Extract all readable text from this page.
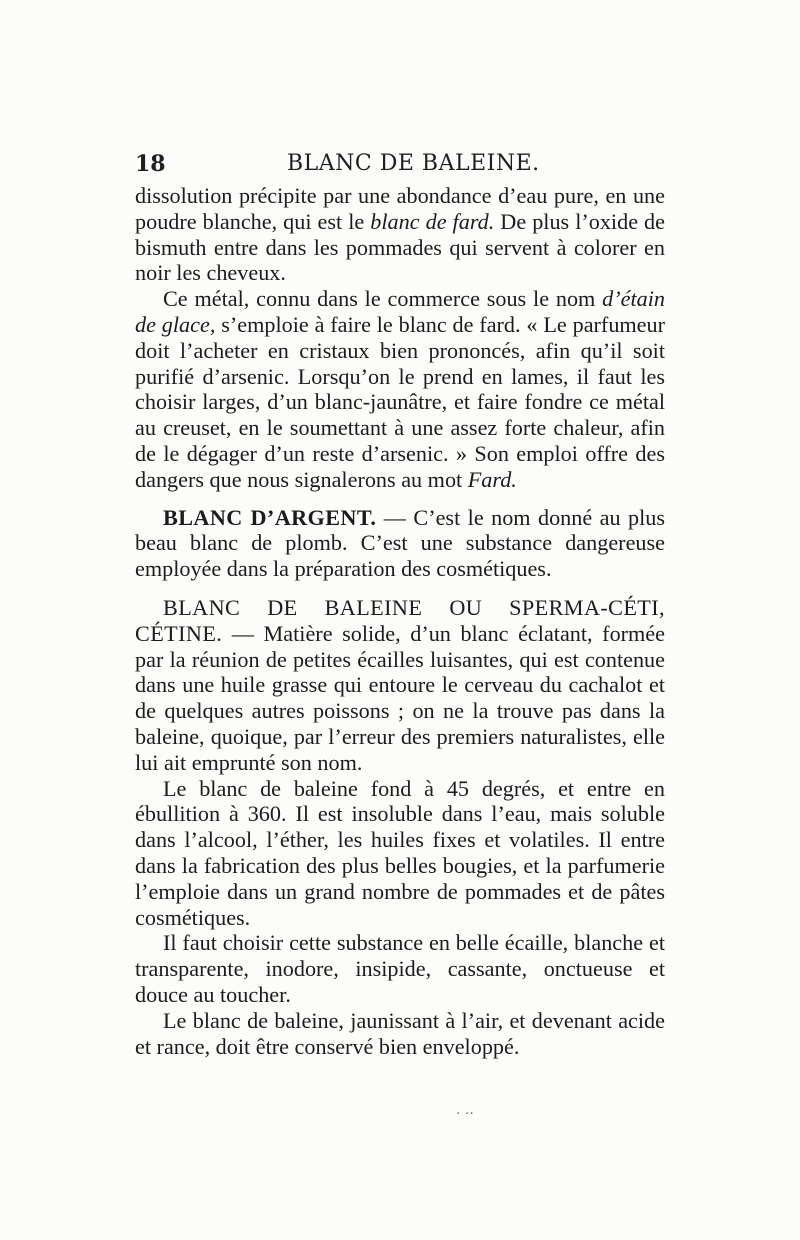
18	BLANC DE BALEINE.

dissolution précipite par une abondance d’eau pure, en une poudre blanche, qui est le blanc de fard. De plus l’oxide de bismuth entre dans les pommades qui servent à colorer en noir les cheveux.

Ce métal, connu dans le commerce sous le nom d’étain de glace, s’emploie à faire le blanc de fard. « Le parfumeur doit l’acheter en cristaux bien prononcés, afin qu’il soit purifié d’arsenic. Lorsqu’on le prend en lames, il faut les choisir larges, d’un blanc-jaunâtre, et faire fondre ce métal au creuset, en le soumettant à une assez forte chaleur, afin de le dégager d’un reste d’arsenic. » Son emploi offre des dangers que nous signalerons au mot Fard.

BLANC D’ARGENT. — C’est le nom donné au plus beau blanc de plomb. C’est une substance dangereuse employée dans la préparation des cosmétiques.

BLANC DE BALEINE OU SPERMA-CÉTI, CÉTINE. — Matière solide, d’un blanc éclatant, formée par la réunion de petites écailles luisantes, qui est contenue dans une huile grasse qui entoure le cerveau du cachalot et de quelques autres poissons ; on ne la trouve pas dans la baleine, quoique, par l’erreur des premiers naturalistes, elle lui ait emprunté son nom.

Le blanc de baleine fond à 45 degrés, et entre en ébullition à 360. Il est insoluble dans l’eau, mais soluble dans l’alcool, l’éther, les huiles fixes et volatiles. Il entre dans la fabrication des plus belles bougies, et la parfumerie l’emploie dans un grand nombre de pommades et de pâtes cosmétiques.

Il faut choisir cette substance en belle écaille, blanche et transparente, inodore, insipide, cassante, onctueuse et douce au toucher.

Le blanc de baleine, jaunissant à l’air, et devenant acide et rance, doit être conservé bien enveloppé.

· ··
